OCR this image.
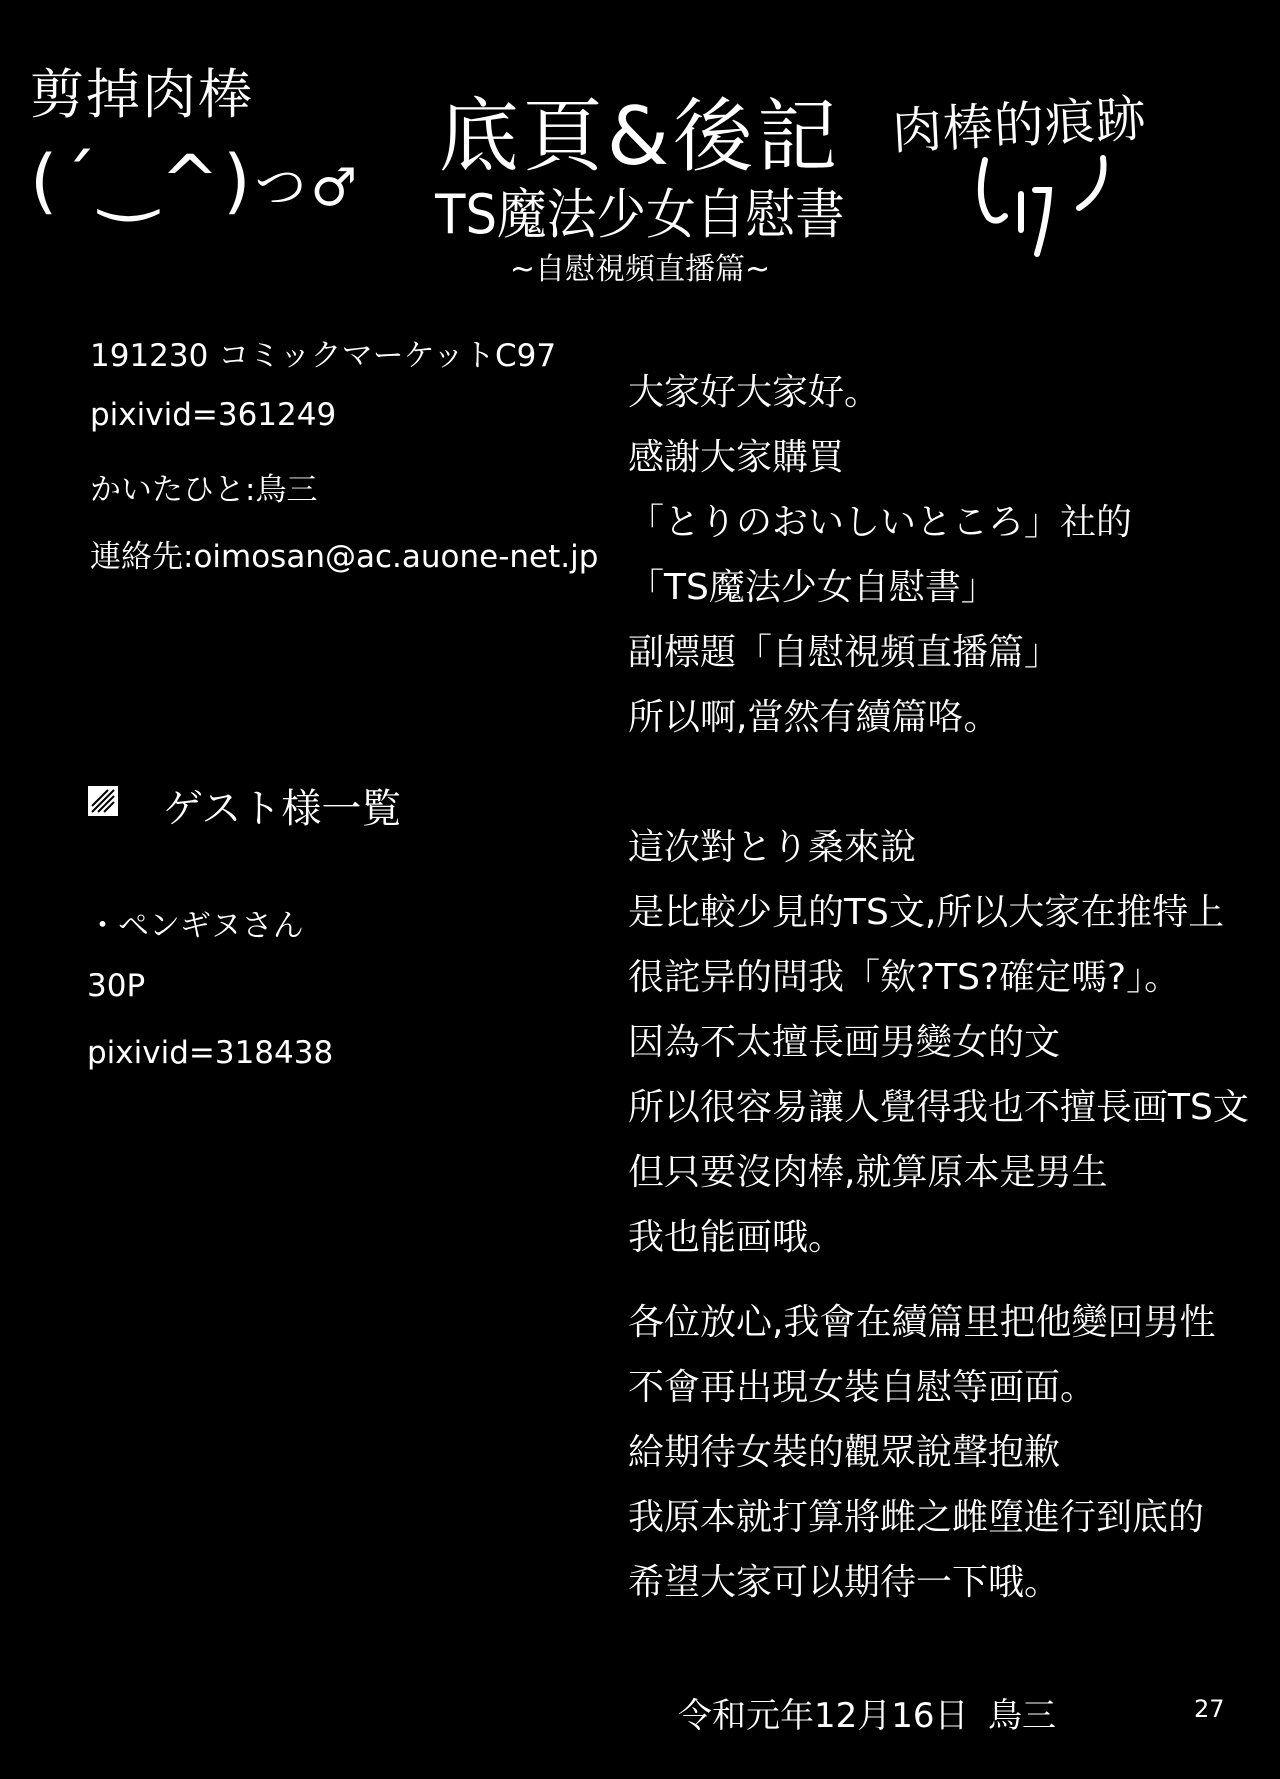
剪掉肉棒
(´‿^)つ♂
底頁&後記
TS魔法少女自慰書
~自慰視頻直播篇~
肉棒的痕跡
191230 コミックマーケットC97
pixivid=361249
かいたひと:鳥三
連絡先:oimosan@ac.auone-net.jp
ゲスト様一覧
・ペンギヌさん
30P
pixivid=318438
大家好大家好。
感謝大家購買
「とりのおいしいところ」社的
「TS魔法少女自慰書」
副標題「自慰視頻直播篇」
所以啊,當然有續篇咯。
這次對とり桑來說
是比較少見的TS文,所以大家在推特上
很詫异的問我「欸?TS?確定嗎?」。
因為不太擅長画男變女的文
所以很容易讓人覺得我也不擅長画TS文
但只要沒肉棒,就算原本是男生
我也能画哦。
各位放心,我會在續篇里把他變回男性
不會再出現女裝自慰等画面。
給期待女裝的觀眾說聲抱歉
我原本就打算將雌之雌墮進行到底的
希望大家可以期待一下哦。
令和元年12月16日 鳥三	27
